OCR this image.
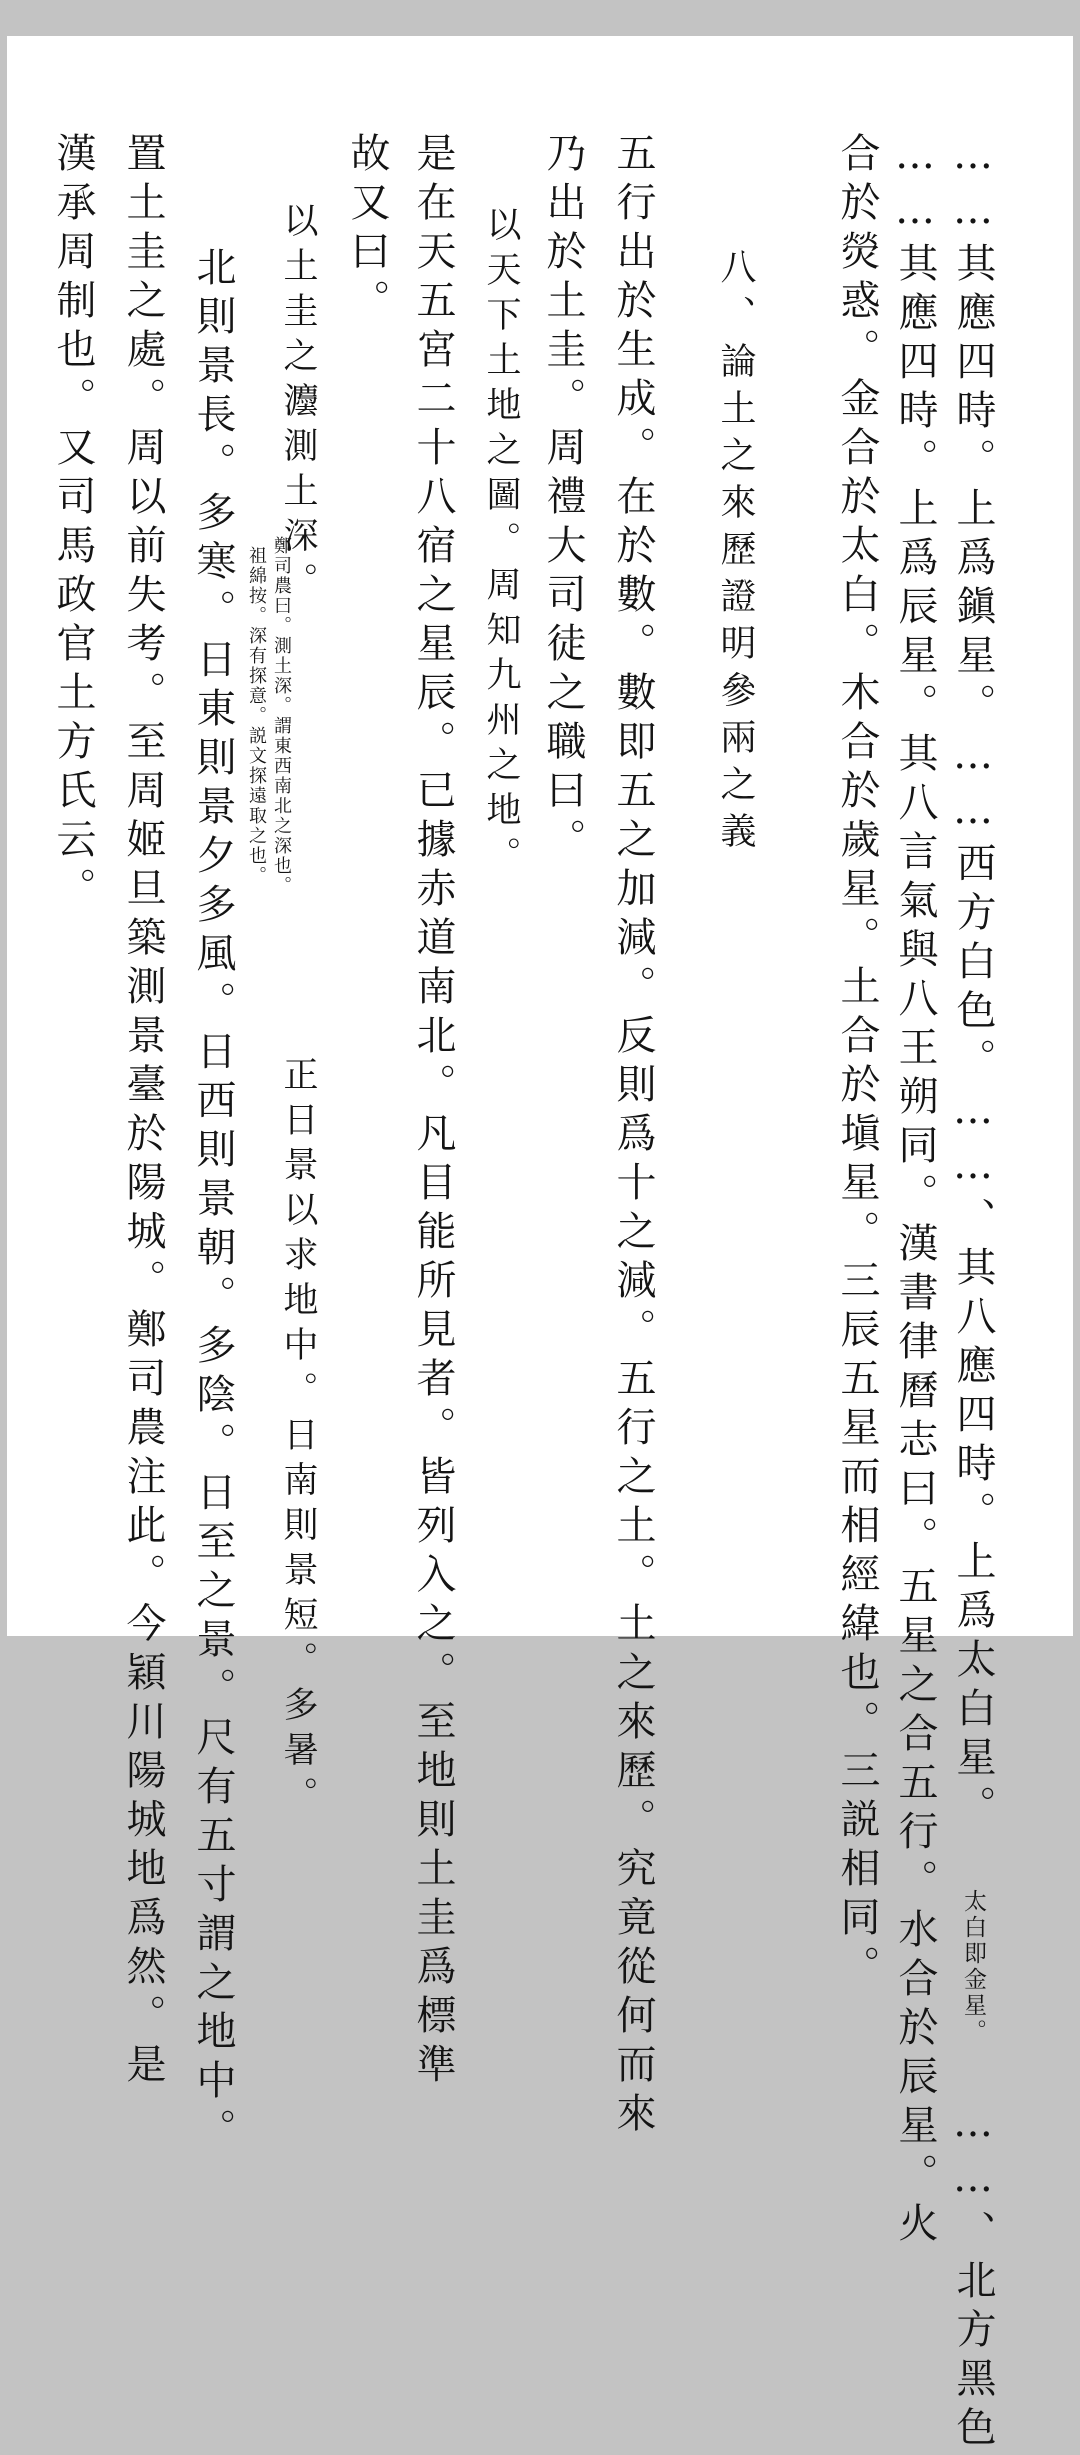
……其應四時。上爲鎭星。……西方白色。……、其八應四時。上爲太白星。 太白即金星。 ……、北方黑色
……其應四時。上爲辰星。其八言氣與八王朔同。漢書律曆志曰。五星之合五行。水合於辰星。火
合於熒惑。金合於太白。木合於歲星。土合於塡星。三辰五星而相經緯也。三説相同。
八、論土之來歷證明參兩之義
五行出於生成。在於數。數即五之加減。反則爲十之減。五行之土。土之來歷。究竟從何而來
乃出於土圭。周禮大司徒之職曰。
以天下土地之圖。周知九州之地。
是在天五宮二十八宿之星辰。已據赤道南北。凡目能所見者。皆列入之。至地則土圭爲標準
故又曰。
以土圭之灋測土深。
鄭司農曰。測土深。謂東西南北之深也。
祖綿按。深有探意。説文探遠取之也。
正日景以求地中。日南則景短。多暑。
北則景長。多寒。日東則景夕多風。日西則景朝。多陰。日至之景。尺有五寸謂之地中。
置土圭之處。周以前失考。至周姬旦築測景臺於陽城。鄭司農注此。今穎川陽城地爲然。是
漢承周制也。又司馬政官土方氏云。
